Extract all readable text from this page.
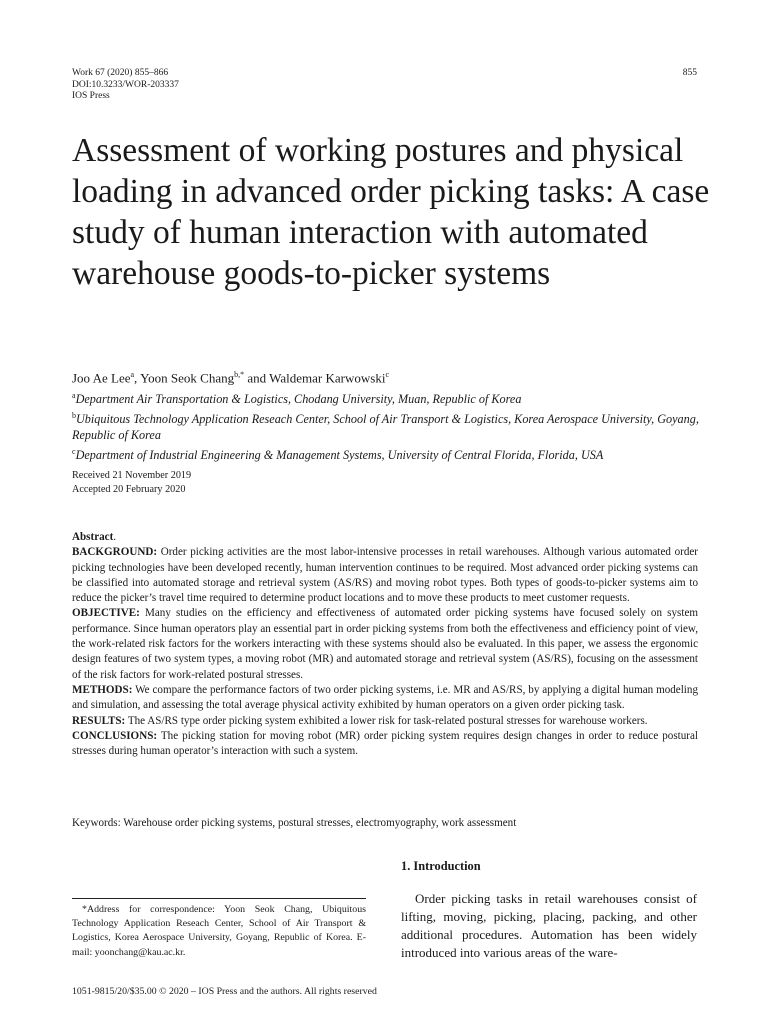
Work 67 (2020) 855–866
DOI:10.3233/WOR-203337
IOS Press
855
Assessment of working postures and physical loading in advanced order picking tasks: A case study of human interaction with automated warehouse goods-to-picker systems
Joo Ae Lee$^a$, Yoon Seok Chang$^{b,*}$ and Waldemar Karwowski$^c$
$^a$Department Air Transportation & Logistics, Chodang University, Muan, Republic of Korea
$^b$Ubiquitous Technology Application Reseach Center, School of Air Transport & Logistics, Korea Aerospace University, Goyang, Republic of Korea
$^c$Department of Industrial Engineering & Management Systems, University of Central Florida, Florida, USA
Received 21 November 2019
Accepted 20 February 2020

Abstract.

BACKGROUND: Order picking activities are the most labor-intensive processes in retail warehouses. Although various automated order picking technologies have been developed recently, human intervention continues to be required. Most advanced order picking systems can be classified into automated storage and retrieval system (AS/RS) and moving robot types. Both types of goods-to-picker systems aim to reduce the picker’s travel time required to determine product locations and to move these products to meet customer requests.

OBJECTIVE: Many studies on the efficiency and effectiveness of automated order picking systems have focused solely on system performance. Since human operators play an essential part in order picking systems from both the effectiveness and efficiency point of view, the work-related risk factors for the workers interacting with these systems should also be evaluated. In this paper, we assess the ergonomic design features of two system types, a moving robot (MR) and automated storage and retrieval system (AS/RS), focusing on the assessment of the risk factors for work-related postural stresses.

METHODS: We compare the performance factors of two order picking systems, i.e. MR and AS/RS, by applying a digital human modeling and simulation, and assessing the total average physical activity exhibited by human operators on a given order picking task.

RESULTS: The AS/RS type order picking system exhibited a lower risk for task-related postural stresses for warehouse workers.

CONCLUSIONS: The picking station for moving robot (MR) order picking system requires design changes in order to reduce postural stresses during human operator’s interaction with such a system.

Keywords: Warehouse order picking systems, postural stresses, electromyography, work assessment
1. Introduction

Order picking tasks in retail warehouses consist of lifting, moving, picking, placing, packing, and other additional procedures. Automation has been widely introduced into various areas of the ware-

*Address for correspondence: Yoon Seok Chang, Ubiquitous Technology Application Reseach Center, School of Air Transport & Logistics, Korea Aerospace University, Goyang, Republic of Korea. E-mail: yoonchang@kau.ac.kr.

1051-9815/20/$35.00 © 2020 – IOS Press and the authors. All rights reserved
